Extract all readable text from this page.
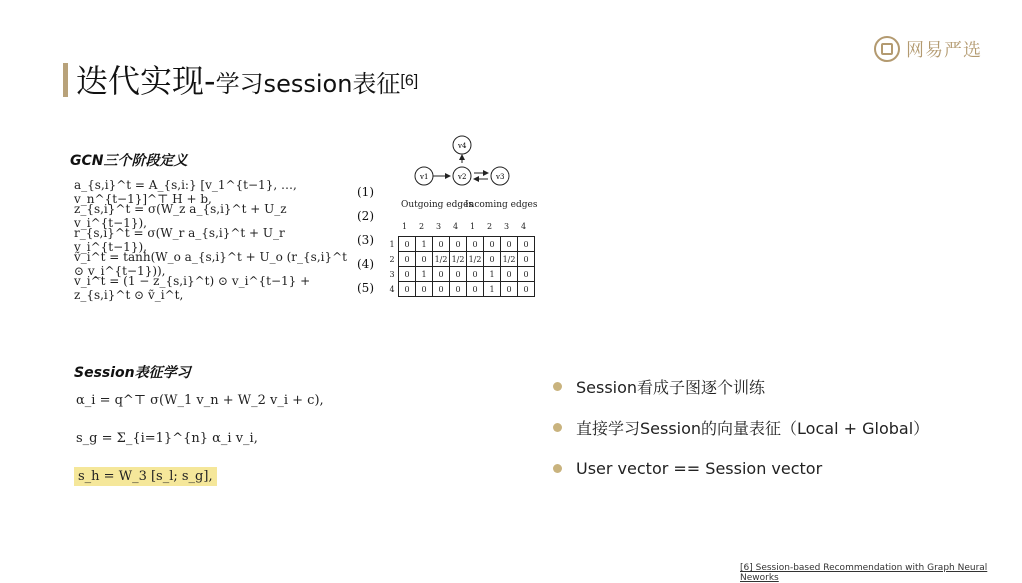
迭代实现-学习session表征[6]
网易严选
GCN三个阶段定义
a_{s,i}^t = A_{s,i:} [v_1^{t−1}, …, v_n^{t−1}]^⊤ H + b,	(1)
z_{s,i}^t = σ(W_z a_{s,i}^t + U_z v_i^{t−1}),	(2)
r_{s,i}^t = σ(W_r a_{s,i}^t + U_r v_i^{t−1}),	(3)
ṽ_i^t = tanh(W_o a_{s,i}^t + U_o (r_{s,i}^t ⊙ v_i^{t−1})),	(4)
v_i^t = (1 − z_{s,i}^t) ⊙ v_i^{t−1} + z_{s,i}^t ⊙ ṽ_i^t,	(5)
v1
v4
v2	v3
Outgoing edges
Incoming edges
1 2 3 4 1 2 3 4
1	0	1	0	0	0	0	0	0
2	0	0	1/2	1/2	1/2	0	1/2	0
3	0	1	0	0	0	1	0	0
4	0	0	0	0	0	1	0	0
Session表征学习
α_i = q^⊤ σ(W_1 v_n + W_2 v_i + c),
s_g = Σ_{i=1}^{n} α_i v_i,
s_h = W_3 [s_l; s_g],
Session看成子图逐个训练
直接学习Session的向量表征（Local + Global）
User vector == Session vector
[6] Session-based Recommendation with Graph Neural Neworks
